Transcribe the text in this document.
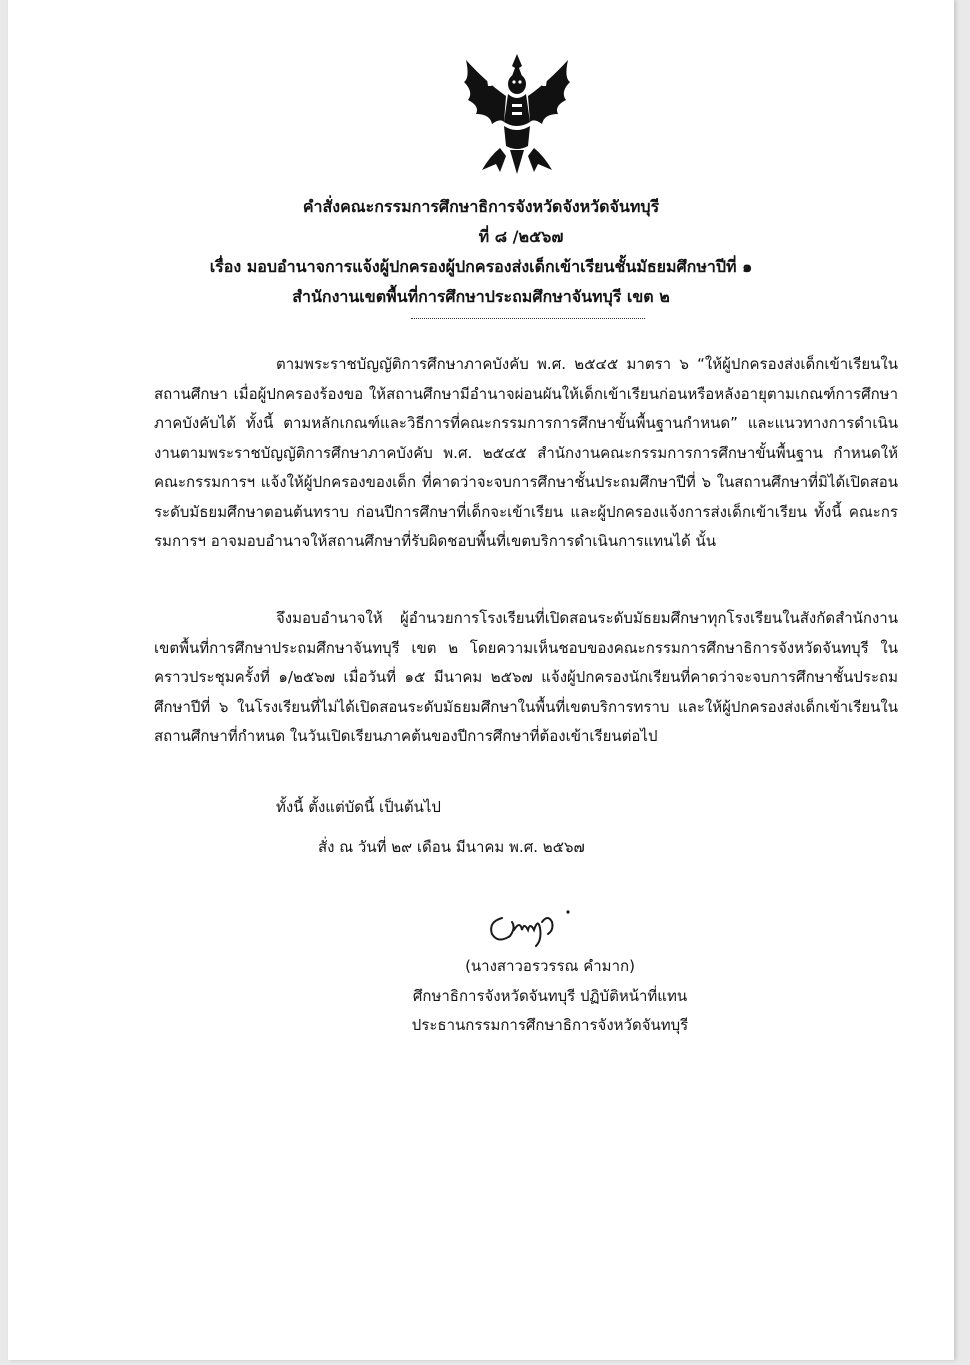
คำสั่งคณะกรรมการศึกษาธิการจังหวัดจังหวัดจันทบุรี
ที่ ๘ /๒๕๖๗
เรื่อง มอบอำนาจการแจ้งผู้ปกครองผู้ปกครองส่งเด็กเข้าเรียนชั้นมัธยมศึกษาปีที่ ๑
สำนักงานเขตพื้นที่การศึกษาประถมศึกษาจันทบุรี เขต ๒
ตามพระราชบัญญัติการศึกษาภาคบังคับ พ.ศ. ๒๕๔๕ มาตรา ๖ “ให้ผู้ปกครองส่งเด็กเข้าเรียนในสถานศึกษา เมื่อผู้ปกครองร้องขอ ให้สถานศึกษามีอำนาจผ่อนผันให้เด็กเข้าเรียนก่อนหรือหลังอายุตามเกณฑ์การศึกษาภาคบังคับได้ ทั้งนี้ ตามหลักเกณฑ์และวิธีการที่คณะกรรมการการศึกษาขั้นพื้นฐานกำหนด” และแนวทางการดำเนินงานตามพระราชบัญญัติการศึกษาภาคบังคับ พ.ศ. ๒๕๔๕ สำนักงานคณะกรรมการการศึกษาขั้นพื้นฐาน กำหนดให้คณะกรรมการฯ แจ้งให้ผู้ปกครองของเด็ก ที่คาดว่าจะจบการศึกษาชั้นประถมศึกษาปีที่ ๖ ในสถานศึกษาที่มิได้เปิดสอนระดับมัธยมศึกษาตอนต้นทราบ ก่อนปีการศึกษาที่เด็กจะเข้าเรียน และผู้ปกครองแจ้งการส่งเด็กเข้าเรียน ทั้งนี้ คณะกรรมการฯ อาจมอบอำนาจให้สถานศึกษาที่รับผิดชอบพื้นที่เขตบริการดำเนินการแทนได้ นั้น
จึงมอบอำนาจให้ ผู้อำนวยการโรงเรียนที่เปิดสอนระดับมัธยมศึกษาทุกโรงเรียนในสังกัดสำนักงานเขตพื้นที่การศึกษาประถมศึกษาจันทบุรี เขต ๒ โดยความเห็นชอบของคณะกรรมการศึกษาธิการจังหวัดจันทบุรี ในคราวประชุมครั้งที่ ๑/๒๕๖๗ เมื่อวันที่ ๑๕ มีนาคม ๒๕๖๗ แจ้งผู้ปกครองนักเรียนที่คาดว่าจะจบการศึกษาชั้นประถมศึกษาปีที่ ๖ ในโรงเรียนที่ไม่ได้เปิดสอนระดับมัธยมศึกษาในพื้นที่เขตบริการทราบ และให้ผู้ปกครองส่งเด็กเข้าเรียนในสถานศึกษาที่กำหนด ในวันเปิดเรียนภาคต้นของปีการศึกษาที่ต้องเข้าเรียนต่อไป
ทั้งนี้ ตั้งแต่บัดนี้ เป็นต้นไป
สั่ง ณ วันที่ ๒๙ เดือน มีนาคม พ.ศ. ๒๕๖๗
(นางสาวอรวรรณ คำมาก)
ศึกษาธิการจังหวัดจันทบุรี ปฏิบัติหน้าที่แทน
ประธานกรรมการศึกษาธิการจังหวัดจันทบุรี
